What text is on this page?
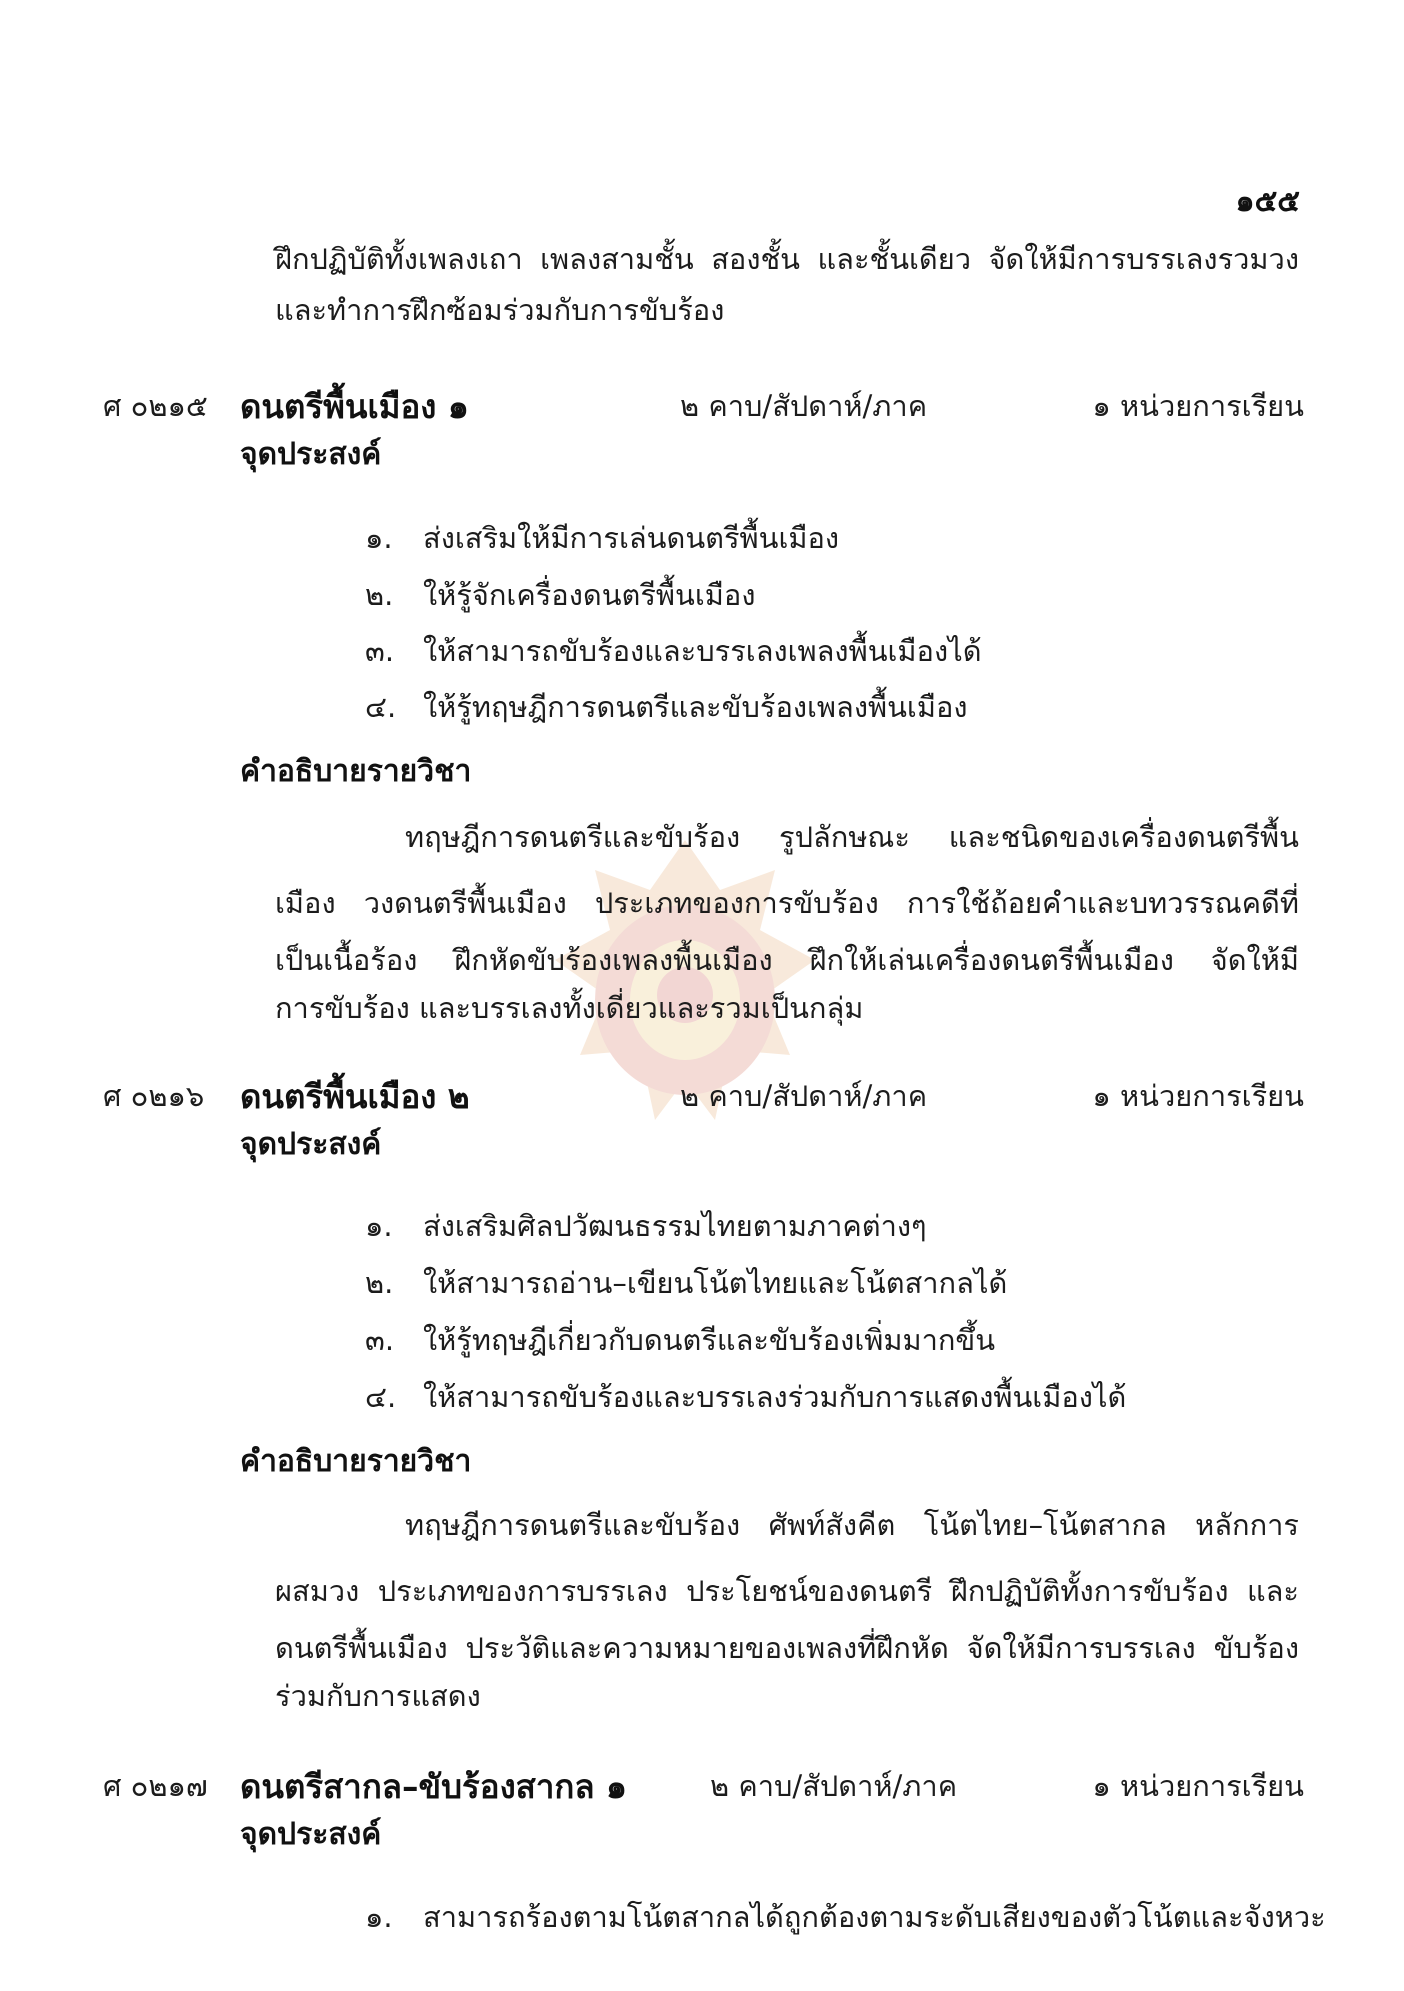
๑๕๕
ฝึกปฏิบัติทั้งเพลงเถา เพลงสามชั้น สองชั้น และชั้นเดียว จัดให้มีการบรรเลงรวมวง
และทำการฝึกซ้อมร่วมกับการขับร้อง
ศ ๐๒๑๕ ดนตรีพื้นเมือง ๑	๒ คาบ/สัปดาห์/ภาค	๑ หน่วยการเรียน
จุดประสงค์
๑. ส่งเสริมให้มีการเล่นดนตรีพื้นเมือง
๒. ให้รู้จักเครื่องดนตรีพื้นเมือง
๓. ให้สามารถขับร้องและบรรเลงเพลงพื้นเมืองได้
๔. ให้รู้ทฤษฎีการดนตรีและขับร้องเพลงพื้นเมือง
คำอธิบายรายวิชา
ทฤษฎีการดนตรีและขับร้อง รูปลักษณะ และชนิดของเครื่องดนตรีพื้น
เมือง วงดนตรีพื้นเมือง ประเภทของการขับร้อง การใช้ถ้อยคำและบทวรรณคดีที่
เป็นเนื้อร้อง ฝึกหัดขับร้องเพลงพื้นเมือง ฝึกให้เล่นเครื่องดนตรีพื้นเมือง จัดให้มี
การขับร้อง และบรรเลงทั้งเดี่ยวและรวมเป็นกลุ่ม
ศ ๐๒๑๖ ดนตรีพื้นเมือง ๒	๒ คาบ/สัปดาห์/ภาค	๑ หน่วยการเรียน
จุดประสงค์
๑. ส่งเสริมศิลปวัฒนธรรมไทยตามภาคต่างๆ
๒. ให้สามารถอ่าน–เขียนโน้ตไทยและโน้ตสากลได้
๓. ให้รู้ทฤษฎีเกี่ยวกับดนตรีและขับร้องเพิ่มมากขึ้น
๔. ให้สามารถขับร้องและบรรเลงร่วมกับการแสดงพื้นเมืองได้
คำอธิบายรายวิชา
ทฤษฎีการดนตรีและขับร้อง ศัพท์สังคีต โน้ตไทย–โน้ตสากล หลักการ
ผสมวง ประเภทของการบรรเลง ประโยชน์ของดนตรี ฝึกปฏิบัติทั้งการขับร้อง และ
ดนตรีพื้นเมือง ประวัติและความหมายของเพลงที่ฝึกหัด จัดให้มีการบรรเลง ขับร้อง
ร่วมกับการแสดง
ศ ๐๒๑๗ ดนตรีสากล–ขับร้องสากล ๑	๒ คาบ/สัปดาห์/ภาค	๑ หน่วยการเรียน
จุดประสงค์
๑. สามารถร้องตามโน้ตสากลได้ถูกต้องตามระดับเสียงของตัวโน้ตและจังหวะ
